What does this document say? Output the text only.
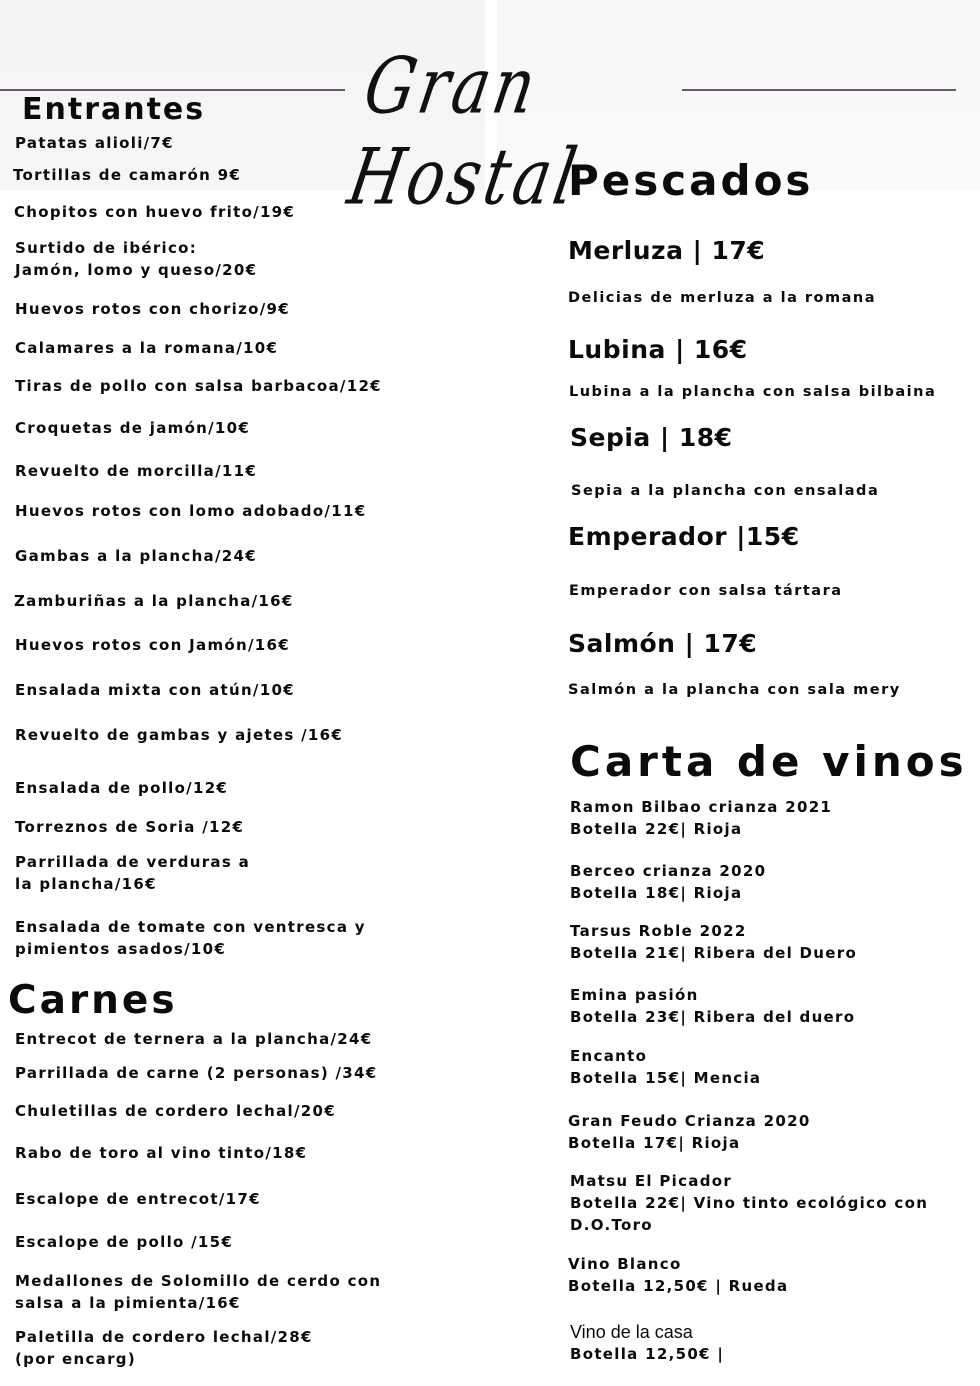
Gran Hostal
Entrantes

Patatas alioli/7€

Tortillas de camarón 9€

Chopitos con huevo frito/19€

Surtido de ibérico:
Jamón, lomo y queso/20€

Huevos rotos con chorizo/9€

Calamares a la romana/10€

Tiras de pollo con salsa barbacoa/12€

Croquetas de jamón/10€

Revuelto de morcilla/11€

Huevos rotos con lomo adobado/11€

Gambas a la plancha/24€

Zamburiñas a la plancha/16€

Huevos rotos con Jamón/16€

Ensalada mixta con atún/10€

Revuelto de gambas y ajetes /16€

Ensalada de pollo/12€

Torreznos de Soria /12€

Parrillada de verduras a
la plancha/16€

Ensalada de tomate con ventresca y
pimientos asados/10€

Carnes

Entrecot de ternera a la plancha/24€

Parrillada de carne (2 personas) /34€

Chuletillas de cordero lechal/20€

Rabo de toro al vino tinto/18€

Escalope de entrecot/17€

Escalope de pollo /15€

Medallones de Solomillo de cerdo con
salsa a la pimienta/16€

Paletilla de cordero lechal/28€
(por encarg)

Pescados

Merluza | 17€

Delicias de merluza a la romana

Lubina | 16€

Lubina a la plancha con salsa bilbaina

Sepia | 18€

Sepia a la plancha con ensalada

Emperador |15€

Emperador con salsa tártara

Salmón | 17€

Salmón a la plancha con sala mery

Carta de vinos

Ramon Bilbao crianza 2021
Botella 22€| Rioja

Berceo crianza 2020
Botella 18€| Rioja

Tarsus Roble 2022
Botella 21€| Ribera del Duero

Emina pasión
Botella 23€| Ribera del duero

Encanto
Botella 15€| Mencia

Gran Feudo Crianza 2020
Botella 17€| Rioja

Matsu El Picador
Botella 22€| Vino tinto ecológico con
D.O.Toro

Vino Blanco
Botella 12,50€ | Rueda

Vino de la casa
Botella 12,50€ |
